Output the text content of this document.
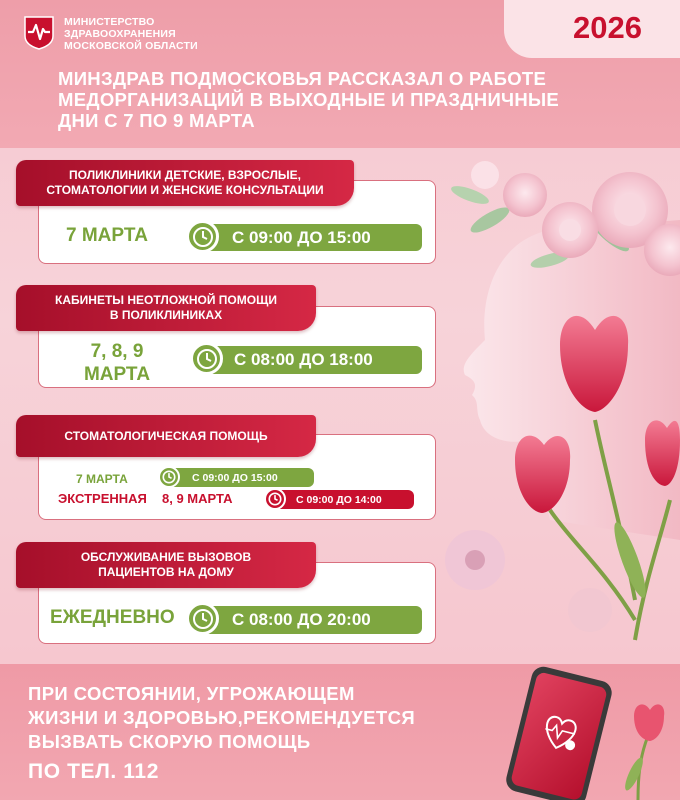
МИНИСТЕРСТВО
ЗДРАВООХРАНЕНИЯ
МОСКОВСКОЙ ОБЛАСТИ
2026
МИНЗДРАВ ПОДМОСКОВЬЯ РАССКАЗАЛ О РАБОТЕ
МЕДОРГАНИЗАЦИЙ В ВЫХОДНЫЕ И ПРАЗДНИЧНЫЕ
ДНИ С 7 ПО 9 МАРТА
ПОЛИКЛИНИКИ ДЕТСКИЕ, ВЗРОСЛЫЕ,
СТОМАТОЛОГИИ И ЖЕНСКИЕ КОНСУЛЬТАЦИИ
7 МАРТА	С 09:00 ДО 15:00
КАБИНЕТЫ НЕОТЛОЖНОЙ ПОМОЩИ
В ПОЛИКЛИНИКАХ
7, 8, 9
МАРТА
С 08:00 ДО 18:00
СТОМАТОЛОГИЧЕСКАЯ ПОМОЩЬ
7 МАРТА	С 09:00 ДО 15:00
ЭКСТРЕННАЯ 8, 9 МАРТА	С 09:00 ДО 14:00
ОБСЛУЖИВАНИЕ ВЫЗОВОВ
ПАЦИЕНТОВ НА ДОМУ
ЕЖЕДНЕВНО	С 08:00 ДО 20:00
ПРИ СОСТОЯНИИ, УГРОЖАЮЩЕМ
ЖИЗНИ И ЗДОРОВЬЮ,РЕКОМЕНДУЕТСЯ
ВЫЗВАТЬ СКОРУЮ ПОМОЩЬ
ПО ТЕЛ. 112
